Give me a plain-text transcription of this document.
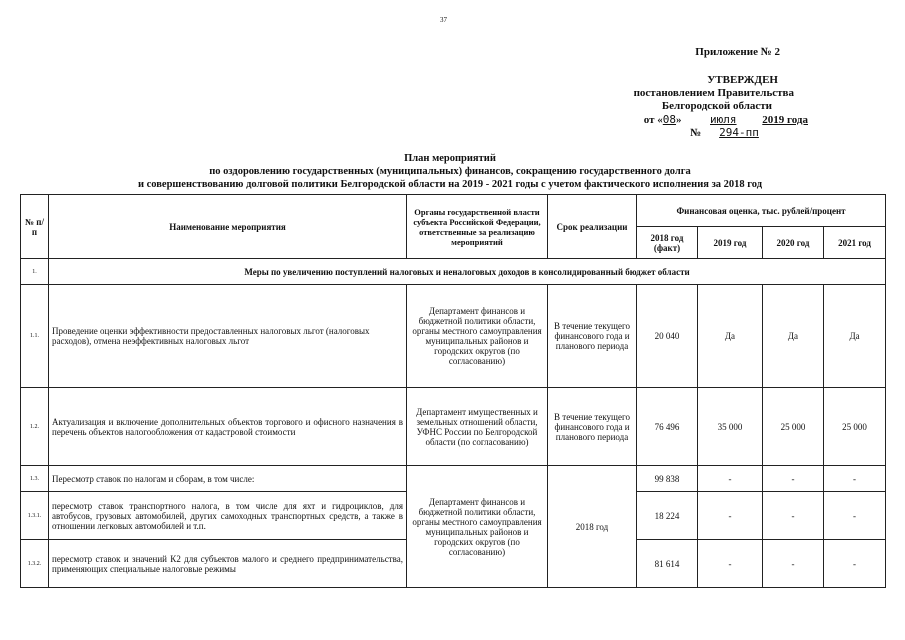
37
Приложение № 2
УТВЕРЖДЕН
постановлением Правительства
Белгородской области
от «08»	июля 2019 года
№ 294-пп
План мероприятий
по оздоровлению государственных (муниципальных) финансов, сокращению государственного долга
и совершенствованию долговой политики Белгородской области на 2019 - 2021 годы с учетом фактического исполнения за 2018 год
№ п/п	Наименование мероприятия	Органы государственной власти субъекта Российской Федерации, ответственные за реализацию мероприятий	Срок реализации	Финансовая оценка, тыс. рублей/процент			
				2018 год (факт)	2019 год	2020 год	2021 год
1.	Меры по увеличению поступлений налоговых и неналоговых доходов в консолидированный бюджет области						
1.1.	Проведение оценки эффективности предоставленных налоговых льгот (налоговых расходов), отмена неэффективных налоговых льгот	Департамент финансов и бюджетной политики области, органы местного самоуправления муниципальных районов и городских округов (по согласованию)	В течение текущего финансового года и планового периода	20 040	Да	Да	Да
1.2.	Актуализация и включение дополнительных объектов торгового и офисного назначения в перечень объектов налогообложения от кадастровой стоимости	Департамент имущественных и земельных отношений области, УФНС России по Белгородской области (по согласованию)	В течение текущего финансового года и планового периода	76 496	35 000	25 000	25 000
1.3.	Пересмотр ставок по налогам и сборам, в том числе:	Департамент финансов и бюджетной политики области, органы местного самоуправления муниципальных районов и городских округов (по согласованию)	2018 год	99 838	-	-	-
1.3.1.	пересмотр ставок транспортного налога, в том числе для яхт и гидроциклов, для автобусов, грузовых автомобилей, других самоходных транспортных средств, а также в отношении легковых автомобилей и т.п.			18 224	-	-	-
1.3.2.	пересмотр ставок и значений К2 для субъектов малого и среднего предпринимательства, применяющих специальные налоговые режимы			81 614	-	-	-
